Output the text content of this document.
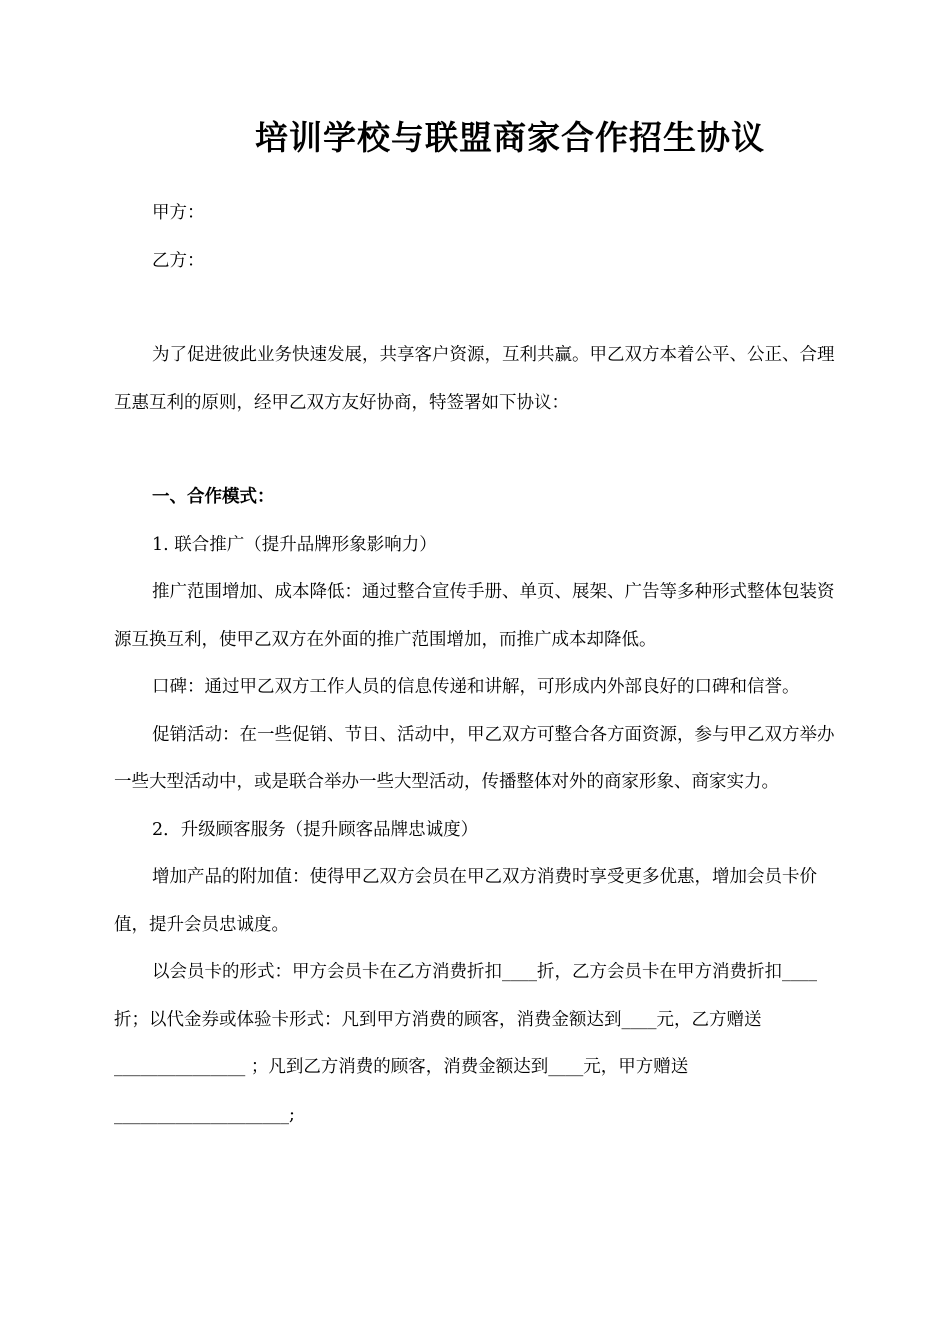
培训学校与联盟商家合作招生协议

甲方：

乙方：

为了促进彼此业务快速发展，共享客户资源，互利共赢。甲乙双方本着公平、公正、合理互惠互利的原则，经甲乙双方友好协商，特签署如下协议：

一、合作模式：

1. 联合推广（提升品牌形象影响力）

推广范围增加、成本降低：通过整合宣传手册、单页、展架、广告等多种形式整体包装资源互换互利，使甲乙双方在外面的推广范围增加，而推广成本却降低。

口碑：通过甲乙双方工作人员的信息传递和讲解，可形成内外部良好的口碑和信誉。

促销活动：在一些促销、节日、活动中，甲乙双方可整合各方面资源，参与甲乙双方举办一些大型活动中，或是联合举办一些大型活动，传播整体对外的商家形象、商家实力。

2．升级顾客服务（提升顾客品牌忠诚度）

增加产品的附加值：使得甲乙双方会员在甲乙双方消费时享受更多优惠，增加会员卡价值，提升会员忠诚度。

以会员卡的形式：甲方会员卡在乙方消费折扣____折，乙方会员卡在甲方消费折扣____折；以代金券或体验卡形式：凡到甲方消费的顾客，消费金额达到____元，乙方赠送_______________ ；凡到乙方消费的顾客，消费金额达到____元，甲方赠送____________________;
